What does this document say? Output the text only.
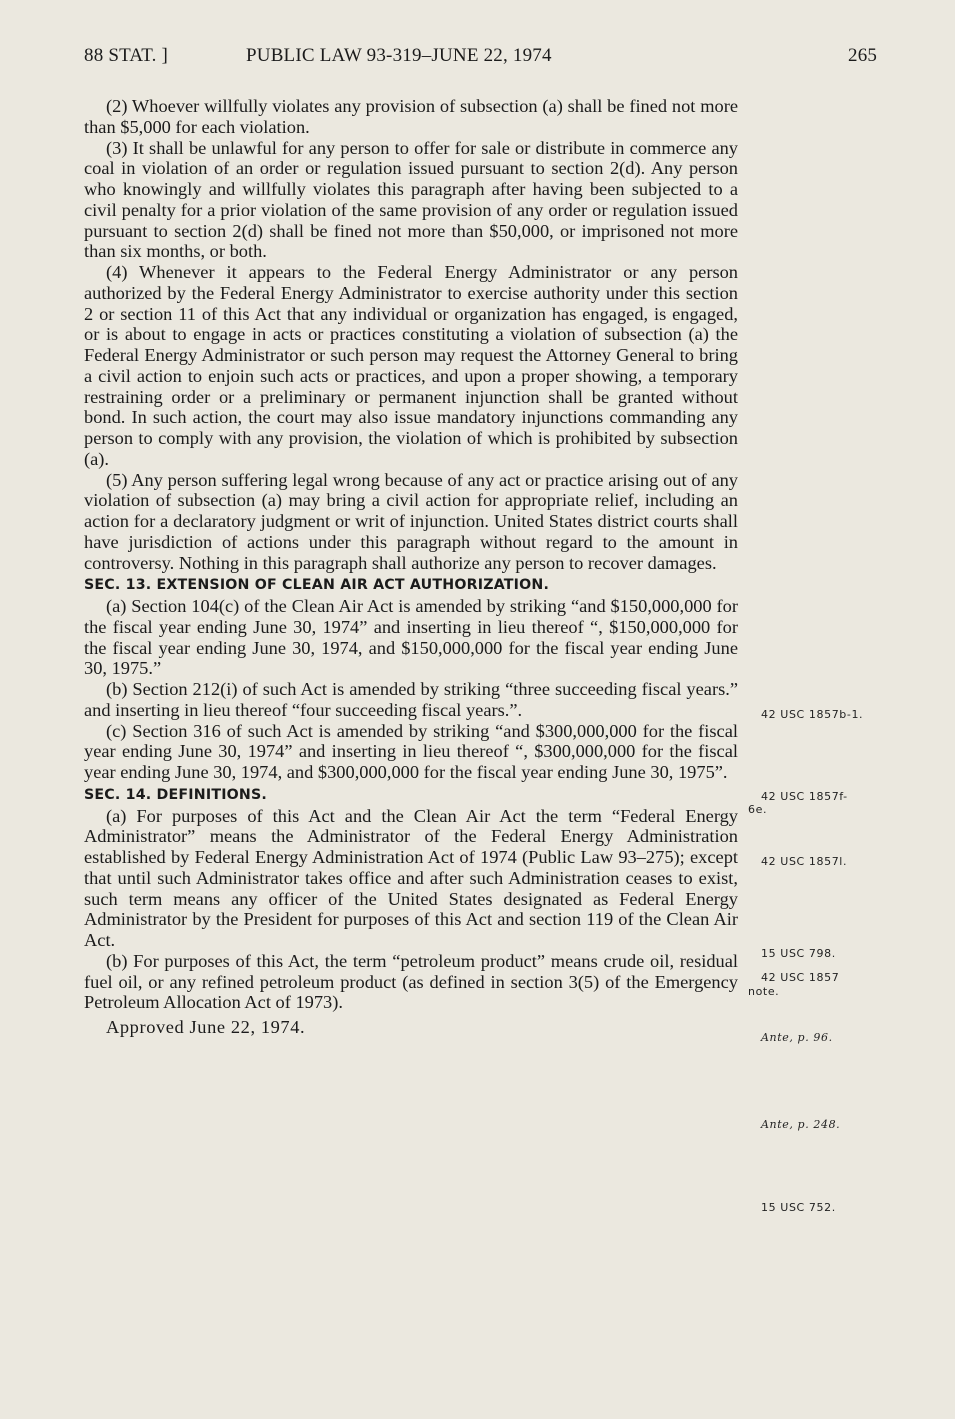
88 STAT. ]	PUBLIC LAW 93-319–JUNE 22, 1974	265

(2) Whoever willfully violates any provision of subsection (a) shall be fined not more than $5,000 for each violation.

(3) It shall be unlawful for any person to offer for sale or distribute in commerce any coal in violation of an order or regulation issued pursuant to section 2(d). Any person who knowingly and willfully violates this paragraph after having been subjected to a civil penalty for a prior violation of the same provision of any order or regulation issued pursuant to section 2(d) shall be fined not more than $50,000, or imprisoned not more than six months, or both.

(4) Whenever it appears to the Federal Energy Administrator or any person authorized by the Federal Energy Administrator to exercise authority under this section 2 or section 11 of this Act that any individual or organization has engaged, is engaged, or is about to engage in acts or practices constituting a violation of subsection (a) the Federal Energy Administrator or such person may request the Attorney General to bring a civil action to enjoin such acts or practices, and upon a proper showing, a temporary restraining order or a preliminary or permanent injunction shall be granted without bond. In such action, the court may also issue mandatory injunctions commanding any person to comply with any provision, the violation of which is prohibited by subsection (a).

(5) Any person suffering legal wrong because of any act or practice arising out of any violation of subsection (a) may bring a civil action for appropriate relief, including an action for a declaratory judgment or writ of injunction. United States district courts shall have jurisdiction of actions under this paragraph without regard to the amount in controversy. Nothing in this paragraph shall authorize any person to recover damages.

SEC. 13. EXTENSION OF CLEAN AIR ACT AUTHORIZATION.

(a) Section 104(c) of the Clean Air Act is amended by striking “and $150,000,000 for the fiscal year ending June 30, 1974” and inserting in lieu thereof “, $150,000,000 for the fiscal year ending June 30, 1974, and $150,000,000 for the fiscal year ending June 30, 1975.”

(b) Section 212(i) of such Act is amended by striking “three succeeding fiscal years.” and inserting in lieu thereof “four succeeding fiscal years.”.

(c) Section 316 of such Act is amended by striking “and $300,000,000 for the fiscal year ending June 30, 1974” and inserting in lieu thereof “, $300,000,000 for the fiscal year ending June 30, 1974, and $300,000,000 for the fiscal year ending June 30, 1975”.

SEC. 14. DEFINITIONS.

(a) For purposes of this Act and the Clean Air Act the term “Federal Energy Administrator” means the Administrator of the Federal Energy Administration established by Federal Energy Administration Act of 1974 (Public Law 93–275); except that until such Administrator takes office and after such Administration ceases to exist, such term means any officer of the United States designated as Federal Energy Administrator by the President for purposes of this Act and section 119 of the Clean Air Act.

(b) For purposes of this Act, the term “petroleum product” means crude oil, residual fuel oil, or any refined petroleum product (as defined in section 3(5) of the Emergency Petroleum Allocation Act of 1973).

Approved June 22, 1974.

42 USC 1857b-1.
42 USC 1857f-
6e.
42 USC 1857l.
15 USC 798.
42 USC 1857
note.
Ante, p. 96.
Ante, p. 248.
15 USC 752.
